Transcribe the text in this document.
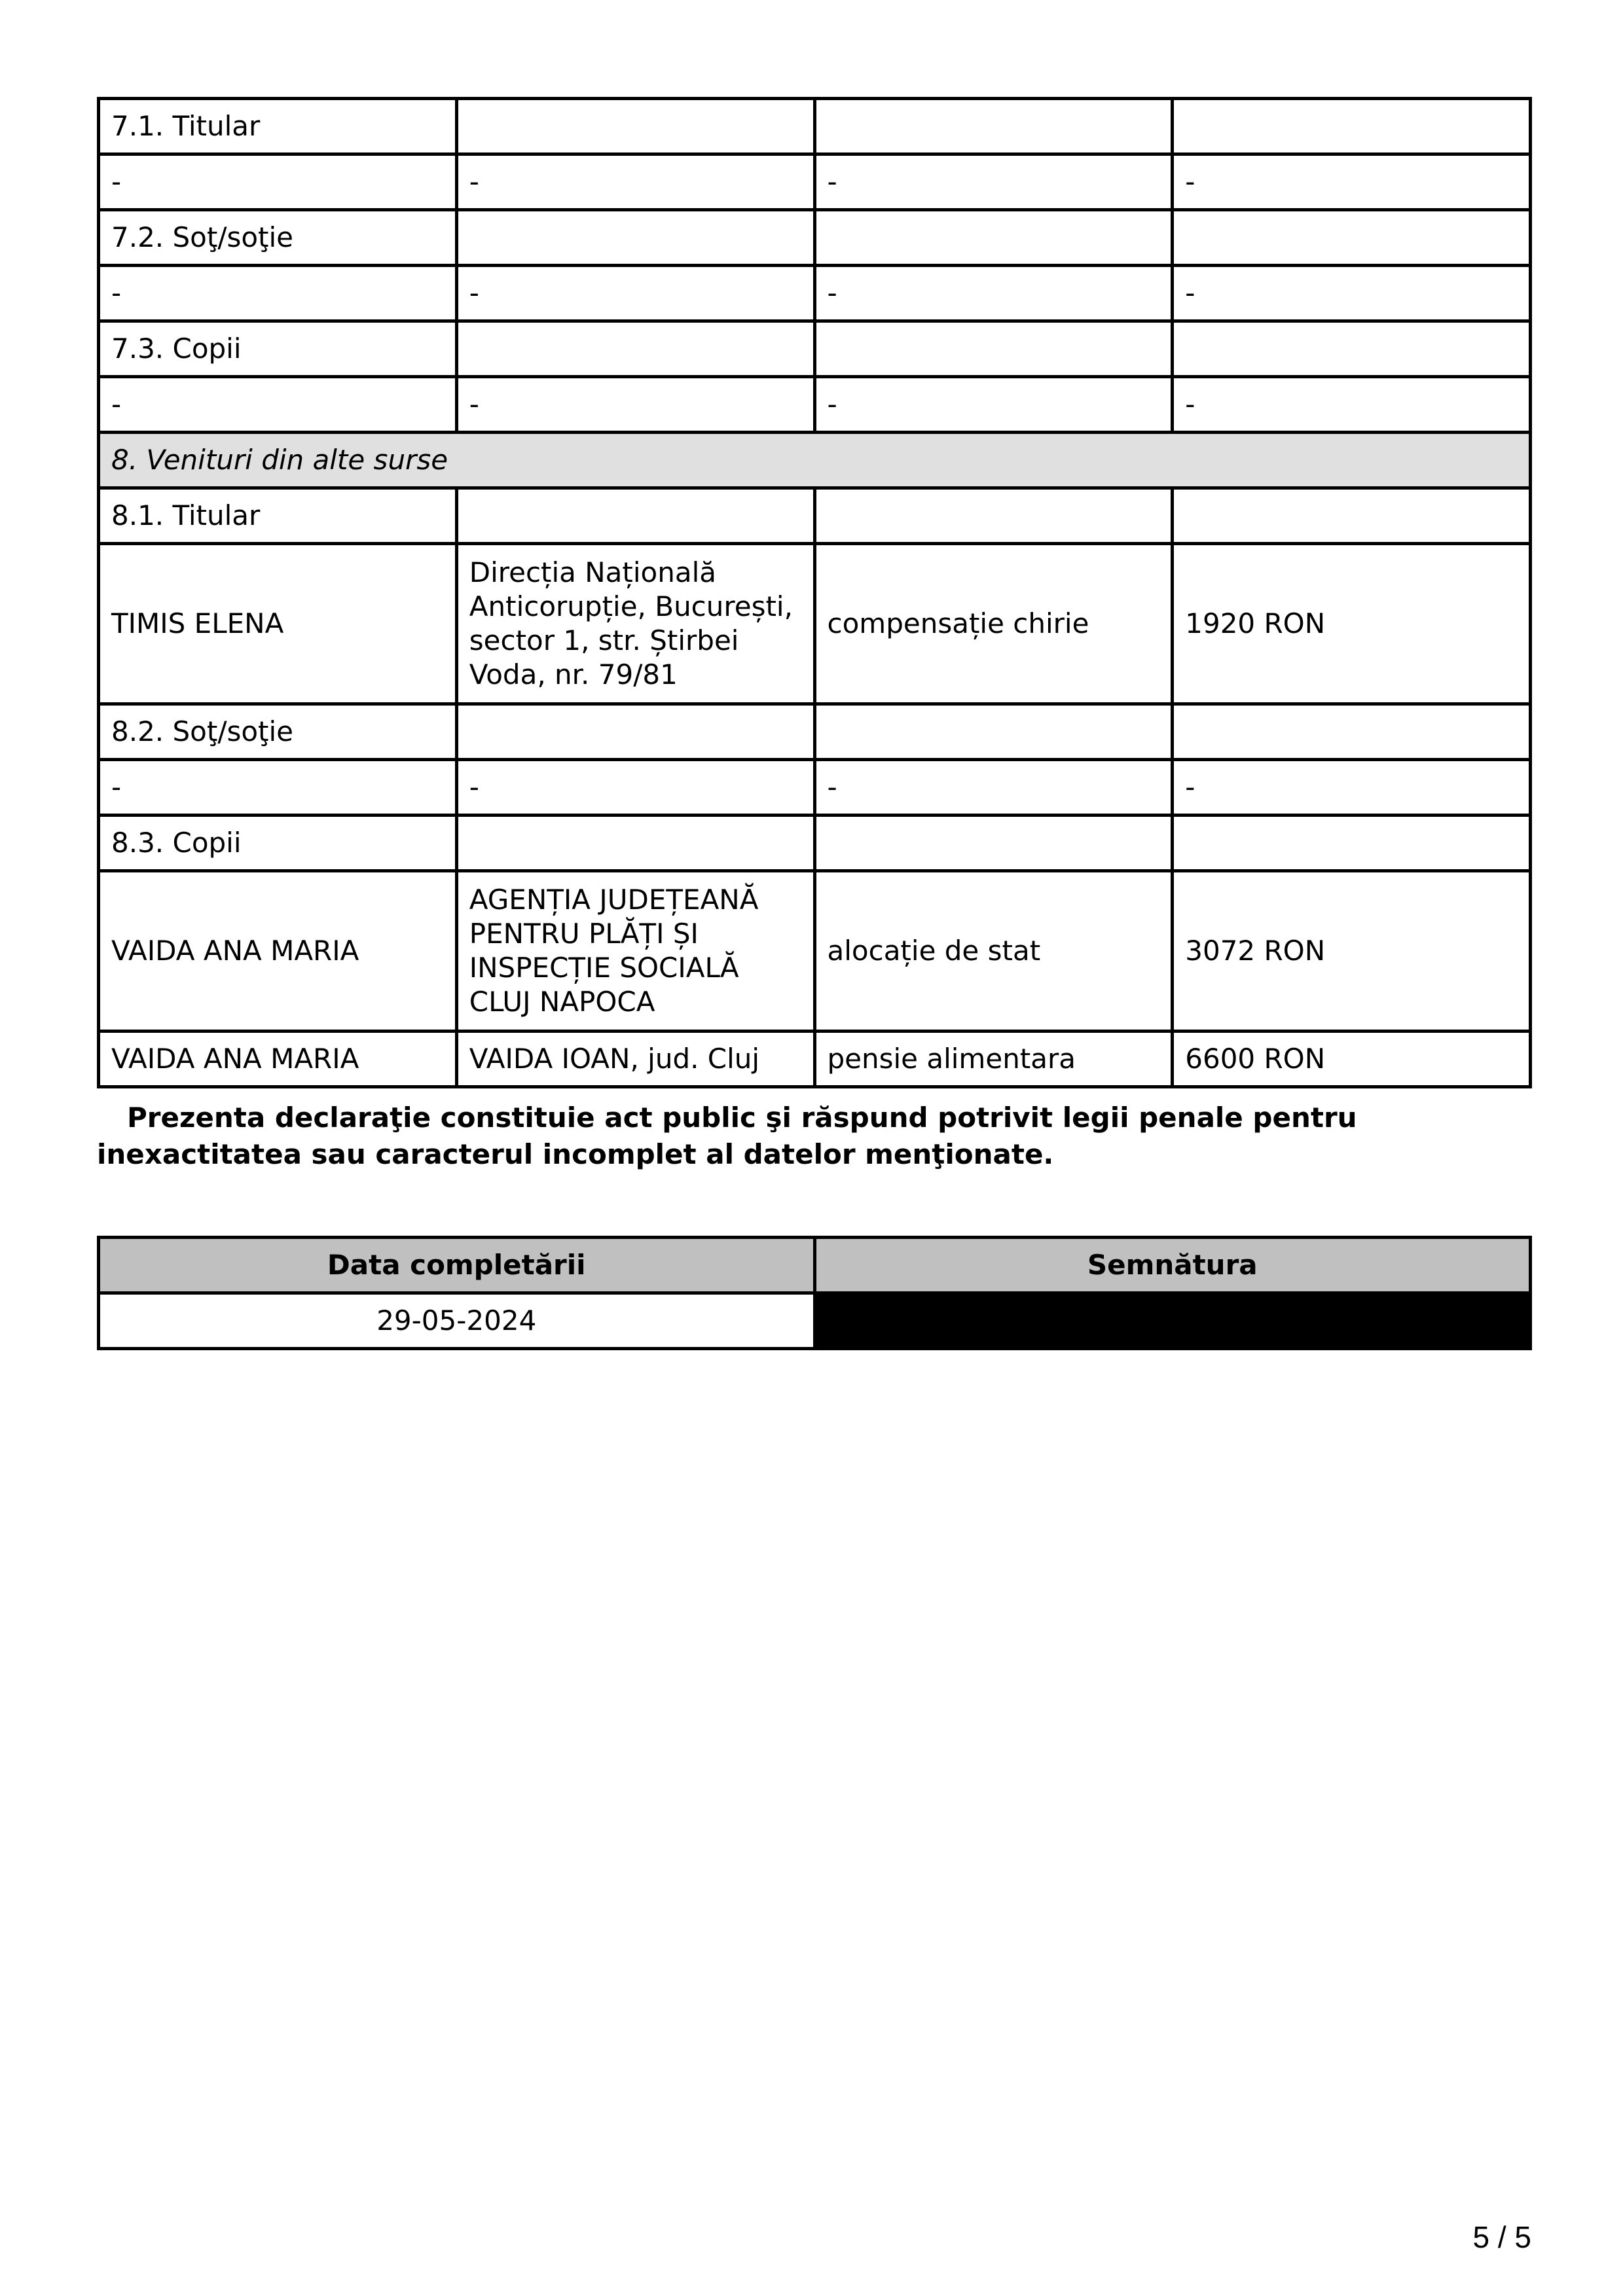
7.1. Titular			
-	-	-	-
7.2. Soţ/soţie			
-	-	-	-
7.3. Copii			
-	-	-	-
8. Venituri din alte surse			
8.1. Titular			
TIMIS ELENA	Direcția Națională Anticorupție, București, sector 1, str. Știrbei Voda, nr. 79/81	compensație chirie	1920 RON
8.2. Soţ/soţie			
-	-	-	-
8.3. Copii			
VAIDA ANA MARIA	AGENȚIA JUDEȚEANĂ PENTRU PLĂȚI ȘI INSPECȚIE SOCIALĂ CLUJ NAPOCA	alocație de stat	3072 RON
VAIDA ANA MARIA	VAIDA IOAN, jud. Cluj	pensie alimentara	6600 RON

Prezenta declaraţie constituie act public şi răspund potrivit legii penale pentru inexactitatea sau caracterul incomplet al datelor menţionate.

Data completării	Semnătura
29-05-2024	
5 / 5
